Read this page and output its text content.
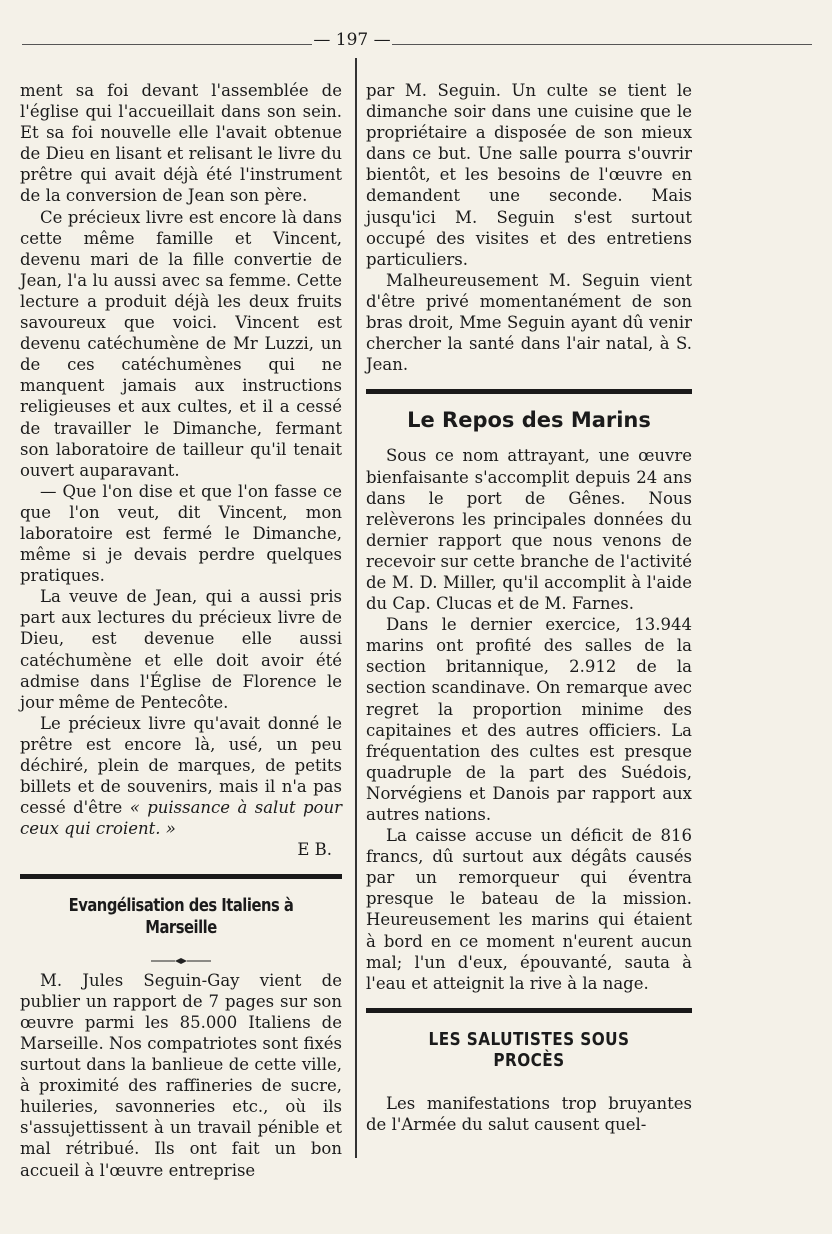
— 197 —

ment sa foi devant l'assemblée de l'église qui l'accueillait dans son sein. Et sa foi nouvelle elle l'avait obtenue de Dieu en lisant et relisant le livre du prêtre qui avait déjà été l'instrument de la conversion de Jean son père.

Ce précieux livre est encore là dans cette même famille et Vincent, devenu mari de la fille convertie de Jean, l'a lu aussi avec sa femme. Cette lecture a produit déjà les deux fruits savoureux que voici. Vincent est devenu catéchumène de Mr Luzzi, un de ces catéchumènes qui ne manquent jamais aux instructions religieuses et aux cultes, et il a cessé de travailler le Dimanche, fermant son laboratoire de tailleur qu'il tenait ouvert auparavant.

— Que l'on dise et que l'on fasse ce que l'on veut, dit Vincent, mon laboratoire est fermé le Dimanche, même si je devais perdre quelques pratiques.

La veuve de Jean, qui a aussi pris part aux lectures du précieux livre de Dieu, est devenue elle aussi catéchumène et elle doit avoir été admise dans l'Église de Florence le jour même de Pentecôte.

Le précieux livre qu'avait donné le prêtre est encore là, usé, un peu déchiré, plein de marques, de petits billets et de souvenirs, mais il n'a pas cessé d'être « puissance à salut pour ceux qui croient. »

E B.

Evangélisation des Italiens à Marseille

M. Jules Seguin-Gay vient de publier un rapport de 7 pages sur son œuvre parmi les 85.000 Italiens de Marseille. Nos compatriotes sont fixés surtout dans la banlieue de cette ville, à proximité des raffineries de sucre, huileries, savonneries etc., où ils s'assujettissent à un travail pénible et mal rétribué. Ils ont fait un bon accueil à l'œuvre entreprise

par M. Seguin. Un culte se tient le dimanche soir dans une cuisine que le propriétaire a disposée de son mieux dans ce but. Une salle pourra s'ouvrir bientôt, et les besoins de l'œuvre en demandent une seconde. Mais jusqu'ici M. Seguin s'est surtout occupé des visites et des entretiens particuliers.

Malheureusement M. Seguin vient d'être privé momentanément de son bras droit, Mme Seguin ayant dû venir chercher la santé dans l'air natal, à S. Jean.

Le Repos des Marins

Sous ce nom attrayant, une œuvre bienfaisante s'accomplit depuis 24 ans dans le port de Gênes. Nous relèverons les principales données du dernier rapport que nous venons de recevoir sur cette branche de l'activité de M. D. Miller, qu'il accomplit à l'aide du Cap. Clucas et de M. Farnes.

Dans le dernier exercice, 13.944 marins ont profité des salles de la section britannique, 2.912 de la section scandinave. On remarque avec regret la proportion minime des capitaines et des autres officiers. La fréquentation des cultes est presque quadruple de la part des Suédois, Norvégiens et Danois par rapport aux autres nations.

La caisse accuse un déficit de 816 francs, dû surtout aux dégâts causés par un remorqueur qui éventra presque le bateau de la mission. Heureusement les marins qui étaient à bord en ce moment n'eurent aucun mal; l'un d'eux, épouvanté, sauta à l'eau et atteignit la rive à la nage.

LES SALUTISTES SOUS PROCÈS

Les manifestations trop bruyantes de l'Armée du salut causent quel-
